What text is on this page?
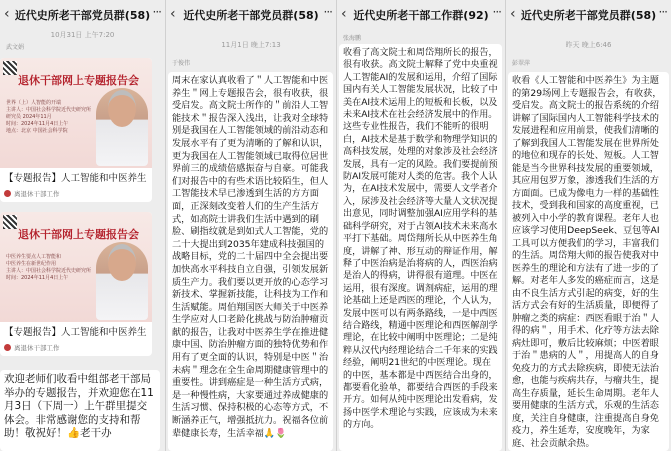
‹ 近代史所老干部党员群(58) ···
10月31日 上午7:20
武文娟
退休干部网上专题报告会
世界（上）人智能的开端
主讲人：中国社会科学院近代史研究所
研究员 2024年11月
时间：2024年11月4日上午
地点：北京 中国社会科学院
【专题报告】人工智能和中医养生
离退休干部工作
退休干部网上专题报告会
中医养生要点人工智能和
中医养生在新世纪作用
主讲人：中国社会科学院近代史研究所
时间：2024年11月4日上午
【专题报告】人工智能和中医养生
离退休干部工作
欢迎老师们收看中组部老干部局举办的专题报告，并欢迎您在11月3日（下周一）上午群里提交体会。非常感谢您的支持和帮助！敬祝好！👍老干办
‹ 近代史所老干部党员群(58) ···
11月1日 晚上7:13
于俊伟
周末在家认真收看了＂人工智能和中医养生＂网上专题报告会，很有收获，很受启发。高文院士所作的＂前沿人工智能技术＂报告深入浅出，让我对全球特别是我国在人工智能领域的前沿动态和发展水平有了更为清晰的了解和认识，更为我国在人工智能领域已取得位居世界前三的成绩倍感振奋与自豪。可能我们对报告中的有些术语比较陌生，但人工智能技术早已渗透到生活的方方面面，正深刻改变着人们的生产生活方式，如高院士讲我们生活中遇到的刷脸、刷指纹就是到如式人工智能，党的二十大提出到2035年建成科技强国的战略目标，党的二十届四中全会提出要加快高水平科技自立自强，引领发展新质生产力。我们要以更开放的心态学习新技术、掌握新技能，让科技为工作和生活赋能。周伯翔国医大师关于中医养生学应对人口老龄化挑战与防治肿瘤贡献的报告，让我对中医养生学在推进健康中国、防治肿瘤方面的独特优势和作用有了更全面的认识，特别是中医＂治未病＂理念在全生命周期健康管理中的重要性。讲到癌症是一种生活方式病，是一种慢性病，大家要通过养成健康的生活习惯、保持积极的心态等方式，不断涵养正气，增强抵抗力。祝福各位前辈健康长寿，生活幸福🙏🌷
‹ 近代史所老干部工作群(92) ···
张海鹏
收看了高文院士和周岱翔所长的报告，很有收获。高文院士解释了党中央重视人工智能AI的发展和运用，介绍了国际国内有关人工智能发展状况，比较了中美在AI技术运用上的短板和长板，以及未来AI技术在社会经济发展中的作用。这些专业性报告，我们不能听的很明白，AI技术是基于数学和物理学知识的高科技发展，处理的对象涉及社会经济发展，具有一定的风险。我们要提前预防AI发展可能对人类的危害。我个人认为，在AI技术发展中，需要人文学者介入，尿涉及社会经济等大量人文状况提出意见，同时调整加强AI应用学科的基础科学研究，对于占领AI技术未来高水平打下基础。周岱翔所长从中医养生角度，讲解了神、形互动的辩证作用，解释了中医治病是治将病的人，西医治病是治人的得病，讲得很有道理。中医在运用，很有深度。调剂病症，运用的理论基础上还是西医的理论，个人认为，发展中医可以有两条路线，一是中西医结合路线，精通中医理论和西医解剖学理论，在比较中阐明中医理论；二是纯粹从汉代内经理论结合二千年来的实践经验，阐明21世纪的中医理论。现在的中医，基本都是中西医结合出身的，都要看化验单，都要结合西医的手段来开方。如何从纯中医理论出发看病，发扬中医学术理论与实践，应该成为未来的方向。
‹ 近代史所老干部党员群(58) ···
昨天 晚上6:46
彭翠萍
收看《人工智能和中医养生》为主题的第29场网上专题报告会，有收获，受启发。高文院士的报告系统的介绍讲解了国际国内人工智能科学技术的发展进程和应用前景，使我们清晰的了解到我国人工智能发展在世界所处的地位和现存的长处、短板。人工智能是当今世界科技发展的重要领域，其应用包罗万象，渗透我们生活的方方面面。已成为像电力一样的基础性技术，受到我和国家的高度重视，已被列入中小学的教育课程。老年人也应该学习使用DeepSeek、豆包等AI工具可以方便我们的学习，丰富我们的生活。周岱翔大师的报告使我对中医养生的理论和方法有了进一步的了解。对老年人多发的癌症而言，这是由不良生活方式引起的病变，好的生活方式会有好的生活质量，即便得了肿瘤之类的病症：西医看眼于治＂人得的病＂，用手术、化疗等方法去除病灶即可，敷后比较麻烦；中医着眼于治＂患病的人＂，用提高人的自身免疫力的方式去除疾病，即使无法治愈，也能与疾病共存，与瘤共生，提高生存质量，延长生命周期。老年人要用健康的生活方式，乐观的生活态度，关注自身健康，注重提高自身免疫力，养生延寿，安度晚年，为家庭、社会贡献余热。
